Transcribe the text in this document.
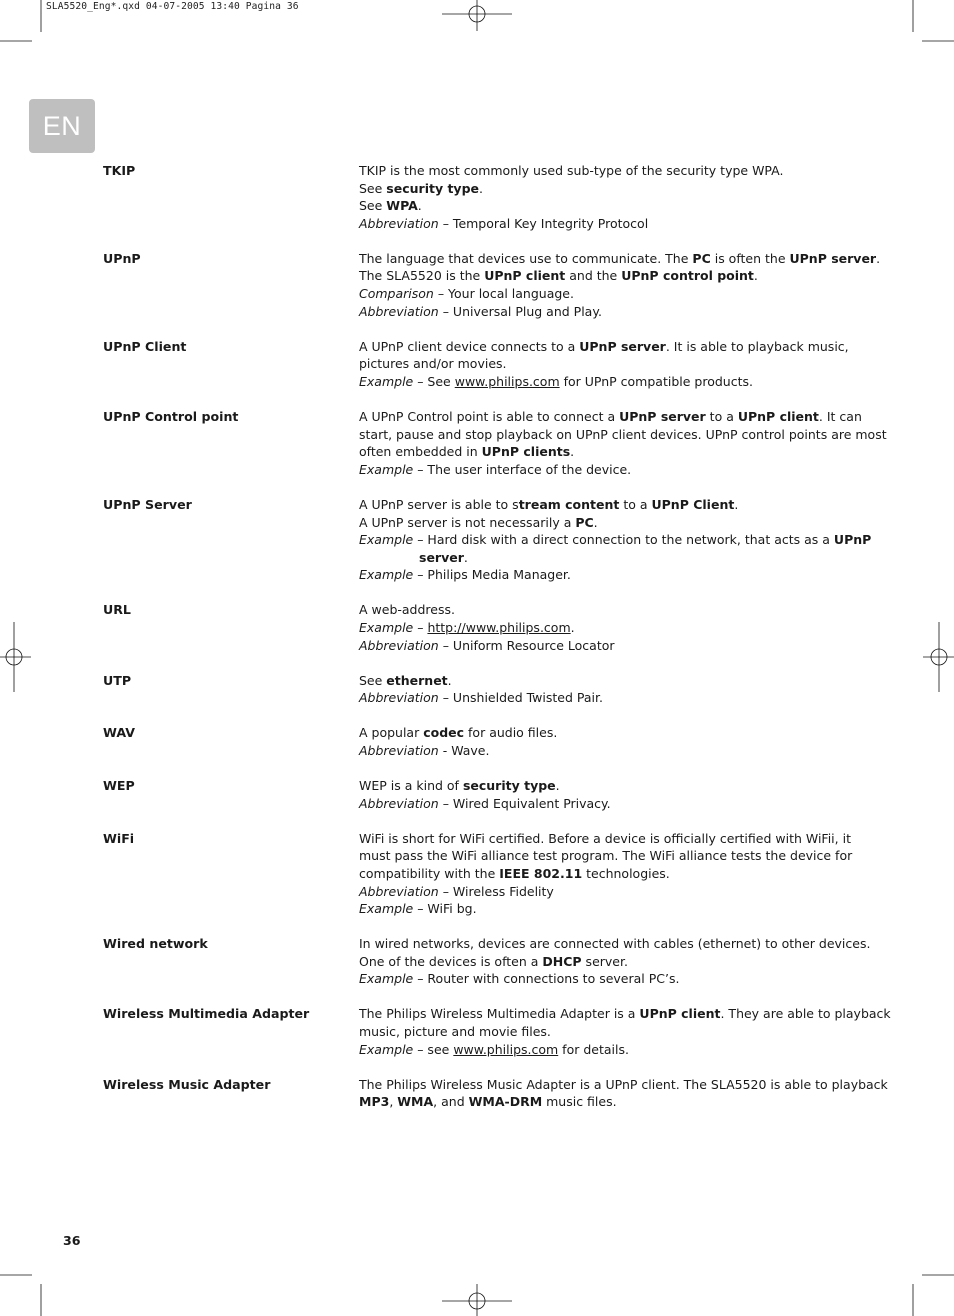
SLA5520_Eng*.qxd 04-07-2005 13:40 Pagina 36
EN
TKIP	TKIP is the most commonly used sub-type of the security type WPA.
See security type.
See WPA.
Abbreviation – Temporal Key Integrity Protocol
UPnP	The language that devices use to communicate. The PC is often the UPnP server.
The SLA5520 is the UPnP client and the UPnP control point.
Comparison – Your local language.
Abbreviation – Universal Plug and Play.
UPnP Client	A UPnP client device connects to a UPnP server. It is able to playback music,
pictures and/or movies.
Example – See www.philips.com for UPnP compatible products.
UPnP Control point	A UPnP Control point is able to connect a UPnP server to a UPnP client. It can
start, pause and stop playback on UPnP client devices. UPnP control points are most
often embedded in UPnP clients.
Example – The user interface of the device.
UPnP Server	A UPnP server is able to stream content to a UPnP Client.
A UPnP server is not necessarily a PC.
Example – Hard disk with a direct connection to the network, that acts as a UPnP
server.
Example – Philips Media Manager.
URL	A web-address.
Example – http://www.philips.com.
Abbreviation – Uniform Resource Locator
UTP	See ethernet.
Abbreviation – Unshielded Twisted Pair.
WAV	A popular codec for audio files.
Abbreviation - Wave.
WEP	WEP is a kind of security type.
Abbreviation – Wired Equivalent Privacy.
WiFi	WiFi is short for WiFi certified. Before a device is officially certified with WiFii, it
must pass the WiFi alliance test program. The WiFi alliance tests the device for
compatibility with the IEEE 802.11 technologies.
Abbreviation – Wireless Fidelity
Example – WiFi bg.
Wired network	In wired networks, devices are connected with cables (ethernet) to other devices.
One of the devices is often a DHCP server.
Example – Router with connections to several PC’s.
Wireless Multimedia Adapter	The Philips Wireless Multimedia Adapter is a UPnP client. They are able to playback
music, picture and movie files.
Example – see www.philips.com for details.
Wireless Music Adapter	The Philips Wireless Music Adapter is a UPnP client. The SLA5520 is able to playback
MP3, WMA, and WMA-DRM music files.
36
